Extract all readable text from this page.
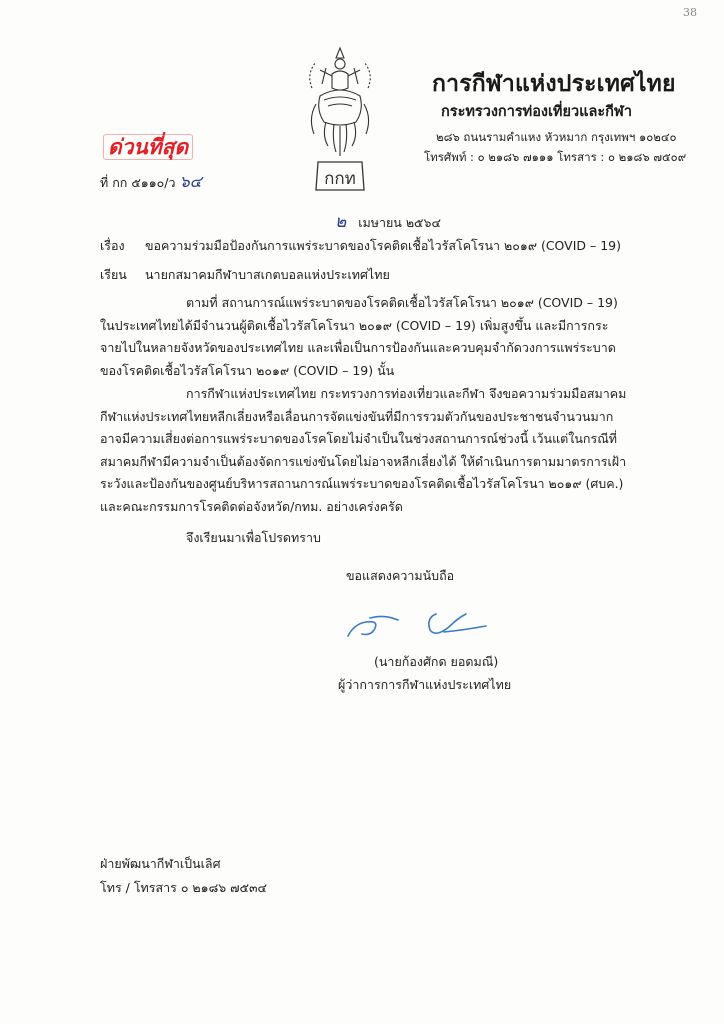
38
กกท
การกีฬาแห่งประเทศไทย
กระทรวงการท่องเที่ยวและกีฬา
๒๘๖ ถนนรามคำแหง หัวหมาก กรุงเทพฯ ๑๐๒๔๐
โทรศัพท์ : ๐ ๒๑๘๖ ๗๑๑๑ โทรสาร : ๐ ๒๑๘๖ ๗๕๐๙
ด่วนที่สุด
ที่ กก ๕๑๑๐/ว ๖๔
๒ เมษายน ๒๕๖๔
เรื่อง ขอความร่วมมือป้องกันการแพร่ระบาดของโรคติดเชื้อไวรัสโคโรนา ๒๐๑๙ (COVID – 19)
เรียน นายกสมาคมกีฬาบาสเกตบอลแห่งประเทศไทย

ตามที่ สถานการณ์แพร่ระบาดของโรคติดเชื้อไวรัสโคโรนา ๒๐๑๙ (COVID – 19) ในประเทศไทยได้มีจำนวนผู้ติดเชื้อไวรัสโคโรนา ๒๐๑๙ (COVID – 19) เพิ่มสูงขึ้น และมีการกระจายไปในหลายจังหวัดของประเทศไทย และเพื่อเป็นการป้องกันและควบคุมจำกัดวงการแพร่ระบาดของโรคติดเชื้อไวรัสโคโรนา ๒๐๑๙ (COVID – 19) นั้น

การกีฬาแห่งประเทศไทย กระทรวงการท่องเที่ยวและกีฬา จึงขอความร่วมมือสมาคมกีฬาแห่งประเทศไทยหลีกเลี่ยงหรือเลื่อนการจัดแข่งขันที่มีการรวมตัวกันของประชาชนจำนวนมาก อาจมีความเสี่ยงต่อการแพร่ระบาดของโรคโดยไม่จำเป็นในช่วงสถานการณ์ช่วงนี้ เว้นแต่ในกรณีที่สมาคมกีฬามีความจำเป็นต้องจัดการแข่งขันโดยไม่อาจหลีกเลี่ยงได้ ให้ดำเนินการตามมาตรการเฝ้าระวังและป้องกันของศูนย์บริหารสถานการณ์แพร่ระบาดของโรคติดเชื้อไวรัสโคโรนา ๒๐๑๙ (ศบค.) และคณะกรรมการโรคติดต่อจังหวัด/กทม. อย่างเคร่งครัด

จึงเรียนมาเพื่อโปรดทราบ

ขอแสดงความนับถือ
(นายก้องศักด ยอดมณี)
ผู้ว่าการการกีฬาแห่งประเทศไทย
ฝ่ายพัฒนากีฬาเป็นเลิศ
โทร / โทรสาร ๐ ๒๑๘๖ ๗๕๓๔
